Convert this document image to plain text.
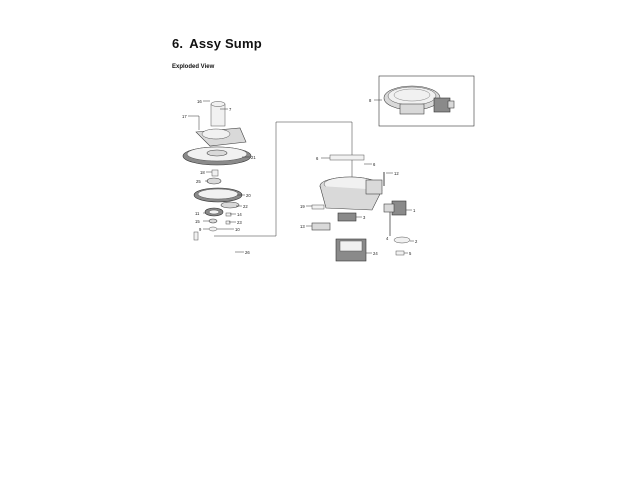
6. Assy Sump
Exploded View
16
7
17
21
18
25
20
22
11	14
23
15
10
9
26
8
6
6
12
1
19
3
13
24
2
5
4
